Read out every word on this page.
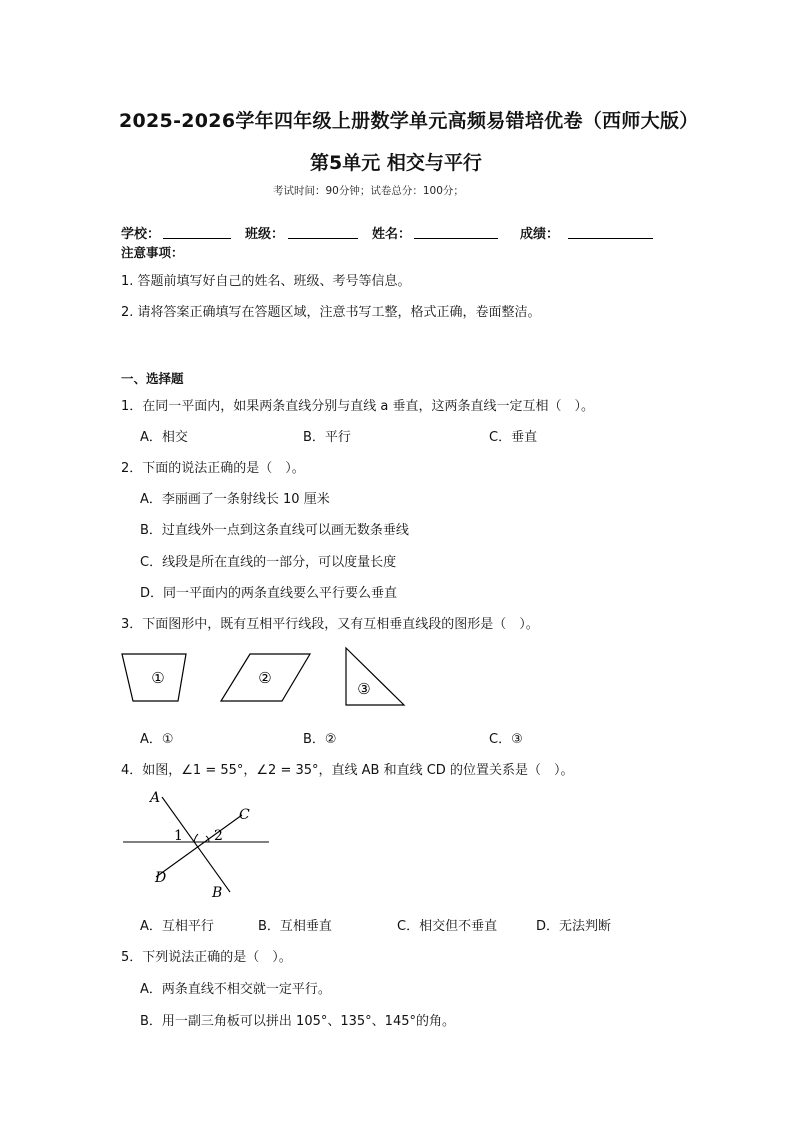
2025-2026学年四年级上册数学单元高频易错培优卷（西师大版）
第5单元 相交与平行
考试时间：90分钟；试卷总分：100分；
学校：	班级：	姓名：	成绩：
注意事项：
1. 答题前填写好自己的姓名、班级、考号等信息。
2. 请将答案正确填写在答题区域，注意书写工整，格式正确，卷面整洁。
一、选择题
1．在同一平面内，如果两条直线分别与直线 a 垂直，这两条直线一定互相（　）。
A．相交	B．平行	C．垂直
2．下面的说法正确的是（　）。
A．李丽画了一条射线长 10 厘米
B．过直线外一点到这条直线可以画无数条垂线
C．线段是所在直线的一部分，可以度量长度
D．同一平面内的两条直线要么平行要么垂直
3．下面图形中，既有互相平行线段，又有互相垂直线段的图形是（　）。
①	②
③
A．①	B．②	C．③
4．如图，∠1 = 55°，∠2 = 35°，直线 AB 和直线 CD 的位置关系是（　）。
A
C
D
B
1 2
A．互相平行	B．互相垂直	C．相交但不垂直	D．无法判断
5．下列说法正确的是（　）。
A．两条直线不相交就一定平行。
B．用一副三角板可以拼出 105°、135°、145°的角。
